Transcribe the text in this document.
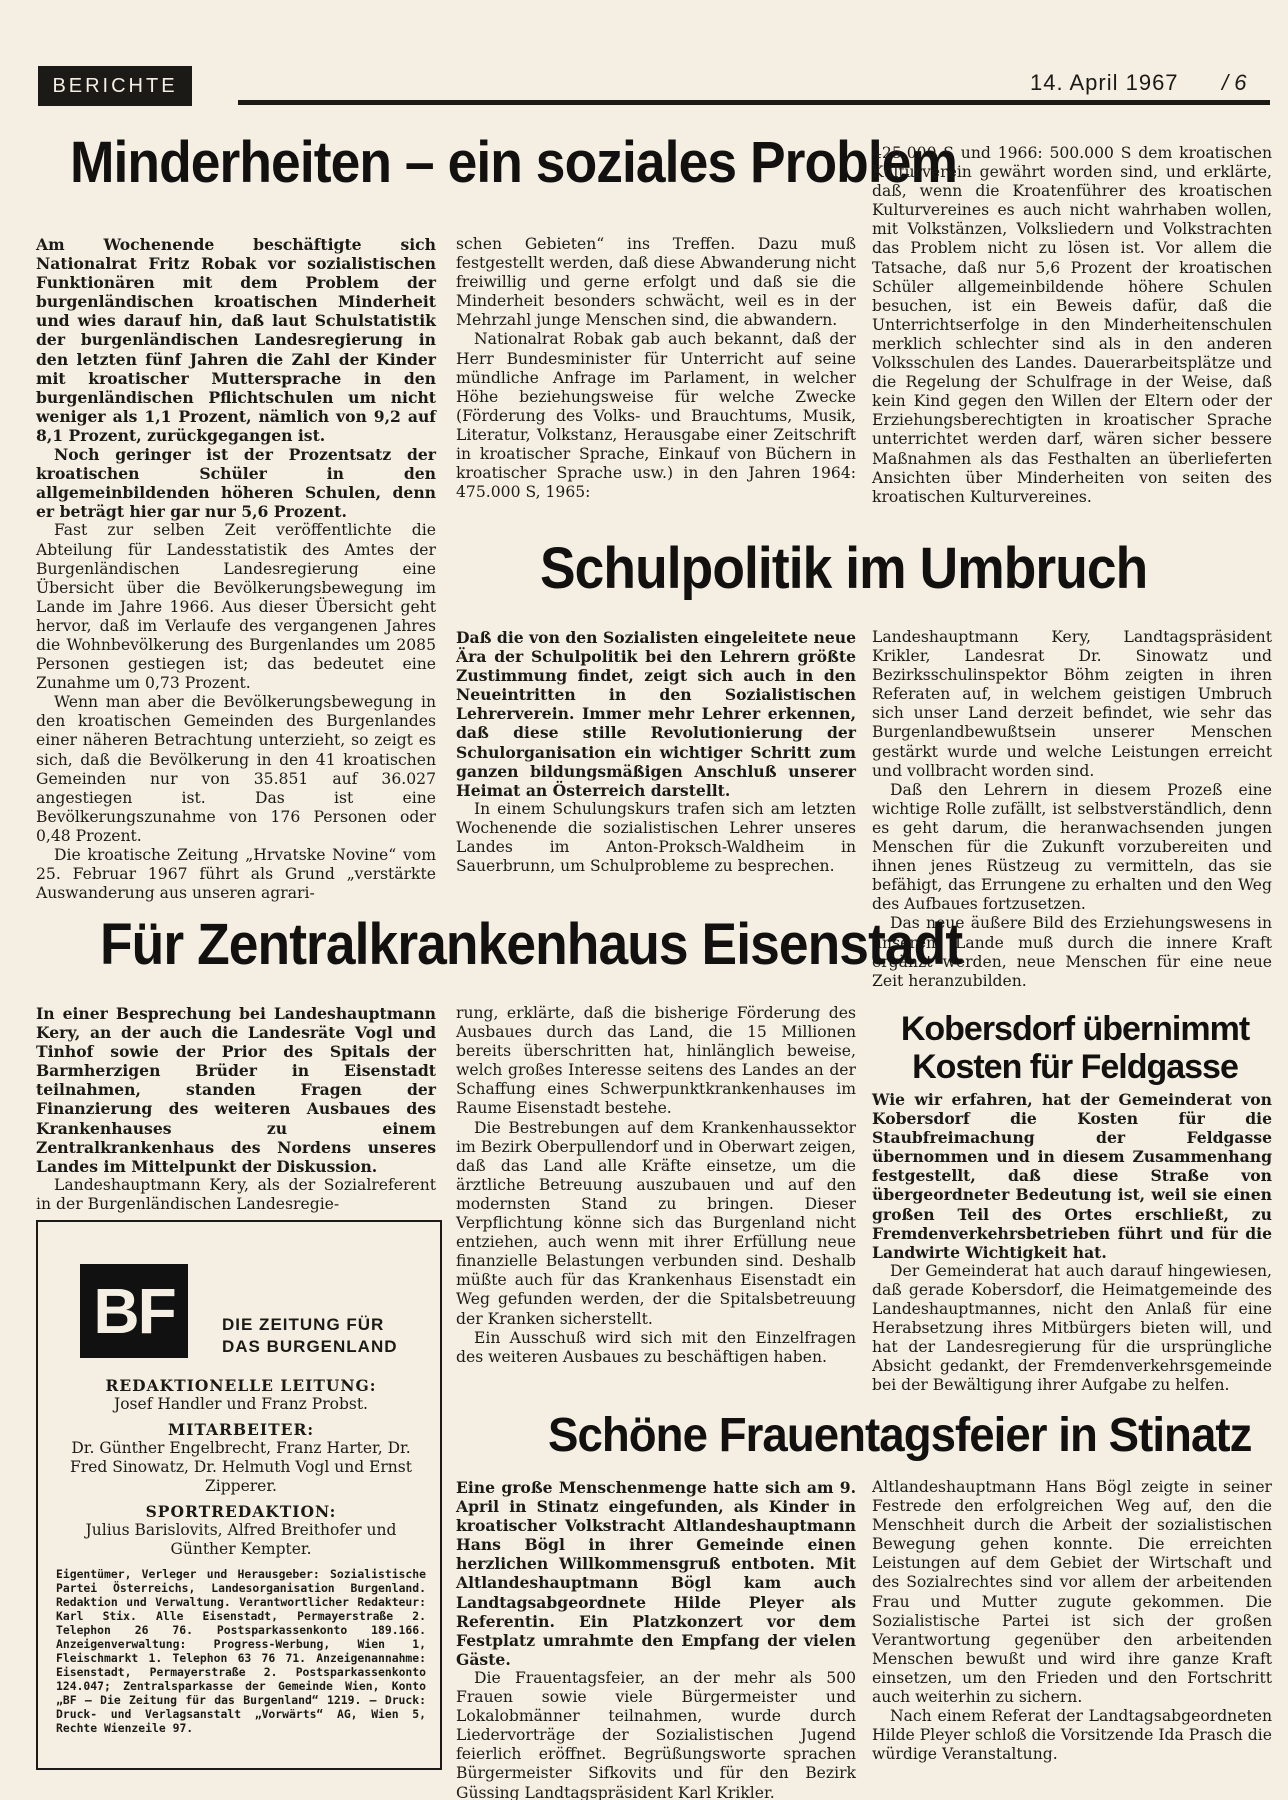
BERICHTE	14. April 1967 / 6
Minderheiten – ein soziales Problem

Am Wochenende beschäftigte sich Nationalrat Fritz Robak vor sozialistischen Funktionären mit dem Problem der burgenländischen kroatischen Minderheit und wies darauf hin, daß laut Schulstatistik der burgenländischen Landesregierung in den letzten fünf Jahren die Zahl der Kinder mit kroatischer Muttersprache in den burgenländischen Pflichtschulen um nicht weniger als 1,1 Prozent, nämlich von 9,2 auf 8,1 Prozent, zurückgegangen ist.

Noch geringer ist der Prozentsatz der kroatischen Schüler in den allgemeinbildenden höheren Schulen, denn er beträgt hier gar nur 5,6 Prozent.

Fast zur selben Zeit veröffentlichte die Abteilung für Landesstatistik des Amtes der Burgenländischen Landesregierung eine Übersicht über die Bevölkerungsbewegung im Lande im Jahre 1966. Aus dieser Übersicht geht hervor, daß im Verlaufe des vergangenen Jahres die Wohnbevölkerung des Burgenlandes um 2085 Personen gestiegen ist; das bedeutet eine Zunahme um 0,73 Prozent.

Wenn man aber die Bevölkerungsbewegung in den kroatischen Gemeinden des Burgenlandes einer näheren Betrachtung unterzieht, so zeigt es sich, daß die Bevölkerung in den 41 kroatischen Gemeinden nur von 35.851 auf 36.027 angestiegen ist. Das ist eine Bevölkerungszunahme von 176 Personen oder 0,48 Prozent.

Die kroatische Zeitung „Hrvatske Novine“ vom 25. Februar 1967 führt als Grund „verstärkte Auswanderung aus unseren agrari-

schen Gebieten“ ins Treffen. Dazu muß festgestellt werden, daß diese Abwanderung nicht freiwillig und gerne erfolgt und daß sie die Minderheit besonders schwächt, weil es in der Mehrzahl junge Menschen sind, die abwandern.

Nationalrat Robak gab auch bekannt, daß der Herr Bundesminister für Unterricht auf seine mündliche Anfrage im Parlament, in welcher Höhe beziehungsweise für welche Zwecke (Förderung des Volks- und Brauchtums, Musik, Literatur, Volkstanz, Herausgabe einer Zeitschrift in kroatischer Sprache, Einkauf von Büchern in kroatischer Sprache usw.) in den Jahren 1964: 475.000 S, 1965:

425.000 S und 1966: 500.000 S dem kroatischen Kulturverein gewährt worden sind, und erklärte, daß, wenn die Kroatenführer des kroatischen Kulturvereines es auch nicht wahrhaben wollen, mit Volkstänzen, Volksliedern und Volkstrachten das Problem nicht zu lösen ist. Vor allem die Tatsache, daß nur 5,6 Prozent der kroatischen Schüler allgemeinbildende höhere Schulen besuchen, ist ein Beweis dafür, daß die Unterrichtserfolge in den Minderheitenschulen merklich schlechter sind als in den anderen Volksschulen des Landes. Dauerarbeitsplätze und die Regelung der Schulfrage in der Weise, daß kein Kind gegen den Willen der Eltern oder der Erziehungsberechtigten in kroatischer Sprache unterrichtet werden darf, wären sicher bessere Maßnahmen als das Festhalten an überlieferten Ansichten über Minderheiten von seiten des kroatischen Kulturvereines.

Schulpolitik im Umbruch

Daß die von den Sozialisten eingeleitete neue Ära der Schulpolitik bei den Lehrern größte Zustimmung findet, zeigt sich auch in den Neueintritten in den Sozialistischen Lehrerverein. Immer mehr Lehrer erkennen, daß diese stille Revolutionierung der Schulorganisation ein wichtiger Schritt zum ganzen bildungsmäßigen Anschluß unserer Heimat an Österreich darstellt.

In einem Schulungskurs trafen sich am letzten Wochenende die sozialistischen Lehrer unseres Landes im Anton-Proksch-Waldheim in Sauerbrunn, um Schulprobleme zu besprechen.

Landeshauptmann Kery, Landtagspräsident Krikler, Landesrat Dr. Sinowatz und Bezirksschulinspektor Böhm zeigten in ihren Referaten auf, in welchem geistigen Umbruch sich unser Land derzeit befindet, wie sehr das Burgenlandbewußtsein unserer Menschen gestärkt wurde und welche Leistungen erreicht und vollbracht worden sind.

Daß den Lehrern in diesem Prozeß eine wichtige Rolle zufällt, ist selbstverständlich, denn es geht darum, die heranwachsenden jungen Menschen für die Zukunft vorzubereiten und ihnen jenes Rüstzeug zu vermitteln, das sie befähigt, das Errungene zu erhalten und den Weg des Aufbaues fortzusetzen.

Das neue äußere Bild des Erziehungswesens in unserem Lande muß durch die innere Kraft ergänzt werden, neue Menschen für eine neue Zeit heranzubilden.

Für Zentralkrankenhaus Eisenstadt

In einer Besprechung bei Landeshauptmann Kery, an der auch die Landesräte Vogl und Tinhof sowie der Prior des Spitals der Barmherzigen Brüder in Eisenstadt teilnahmen, standen Fragen der Finanzierung des weiteren Ausbaues des Krankenhauses zu einem Zentralkrankenhaus des Nordens unseres Landes im Mittelpunkt der Diskussion.

Landeshauptmann Kery, als der Sozialreferent in der Burgenländischen Landesregie-

rung, erklärte, daß die bisherige Förderung des Ausbaues durch das Land, die 15 Millionen bereits überschritten hat, hinlänglich beweise, welch großes Interesse seitens des Landes an der Schaffung eines Schwerpunktkrankenhauses im Raume Eisenstadt bestehe.

Die Bestrebungen auf dem Krankenhaussektor im Bezirk Oberpullendorf und in Oberwart zeigen, daß das Land alle Kräfte einsetze, um die ärztliche Betreuung auszubauen und auf den modernsten Stand zu bringen. Dieser Verpflichtung könne sich das Burgenland nicht entziehen, auch wenn mit ihrer Erfüllung neue finanzielle Belastungen verbunden sind. Deshalb müßte auch für das Krankenhaus Eisenstadt ein Weg gefunden werden, der die Spitalsbetreuung der Kranken sicherstellt.

Ein Ausschuß wird sich mit den Einzelfragen des weiteren Ausbaues zu beschäftigen haben.

Kobersdorf übernimmt Kosten für Feldgasse

Wie wir erfahren, hat der Gemeinderat von Kobersdorf die Kosten für die Staubfreimachung der Feldgasse übernommen und in diesem Zusammenhang festgestellt, daß diese Straße von übergeordneter Bedeutung ist, weil sie einen großen Teil des Ortes erschließt, zu Fremdenverkehrsbetrieben führt und für die Landwirte Wichtigkeit hat.

Der Gemeinderat hat auch darauf hingewiesen, daß gerade Kobersdorf, die Heimatgemeinde des Landeshauptmannes, nicht den Anlaß für eine Herabsetzung ihres Mitbürgers bieten will, und hat der Landesregierung für die ursprüngliche Absicht gedankt, der Fremdenverkehrsgemeinde bei der Bewältigung ihrer Aufgabe zu helfen.

Schöne Frauentagsfeier in Stinatz

Eine große Menschenmenge hatte sich am 9. April in Stinatz eingefunden, als Kinder in kroatischer Volkstracht Altlandeshauptmann Hans Bögl in ihrer Gemeinde einen herzlichen Willkommensgruß entboten. Mit Altlandeshauptmann Bögl kam auch Landtagsabgeordnete Hilde Pleyer als Referentin. Ein Platzkonzert vor dem Festplatz umrahmte den Empfang der vielen Gäste.

Die Frauentagsfeier, an der mehr als 500 Frauen sowie viele Bürgermeister und Lokalobmänner teilnahmen, wurde durch Liedervorträge der Sozialistischen Jugend feierlich eröffnet. Begrüßungsworte sprachen Bürgermeister Sifkovits und für den Bezirk Güssing Landtagspräsident Karl Krikler.

Altlandeshauptmann Hans Bögl zeigte in seiner Festrede den erfolgreichen Weg auf, den die Menschheit durch die Arbeit der sozialistischen Bewegung gehen konnte. Die erreichten Leistungen auf dem Gebiet der Wirtschaft und des Sozialrechtes sind vor allem der arbeitenden Frau und Mutter zugute gekommen. Die Sozialistische Partei ist sich der großen Verantwortung gegenüber den arbeitenden Menschen bewußt und wird ihre ganze Kraft einsetzen, um den Frieden und den Fortschritt auch weiterhin zu sichern.

Nach einem Referat der Landtagsabgeordneten Hilde Pleyer schloß die Vorsitzende Ida Prasch die würdige Veranstaltung.

BF	DIE ZEITUNG FÜR
DAS BURGENLAND
REDAKTIONELLE LEITUNG:
Josef Handler und Franz Probst.
MITARBEITER:
Dr. Günther Engelbrecht, Franz Harter, Dr. Fred Sinowatz, Dr. Helmuth Vogl und Ernst Zipperer.
SPORTREDAKTION:
Julius Barislovits, Alfred Breithofer und Günther Kempter.
Eigentümer, Verleger und Herausgeber: Sozialistische Partei Österreichs, Landesorganisation Burgenland. Redaktion und Verwaltung. Verantwortlicher Redakteur: Karl Stix. Alle Eisenstadt, Permayerstraße 2. Telephon 26 76. Postsparkassenkonto 189.166. Anzeigenverwaltung: Progress-Werbung, Wien 1, Fleischmarkt 1. Telephon 63 76 71. Anzeigenannahme: Eisenstadt, Permayerstraße 2. Postsparkassenkonto 124.047; Zentralsparkasse der Gemeinde Wien, Konto „BF – Die Zeitung für das Burgenland“ 1219. – Druck: Druck- und Verlagsanstalt „Vorwärts“ AG, Wien 5, Rechte Wienzeile 97.
